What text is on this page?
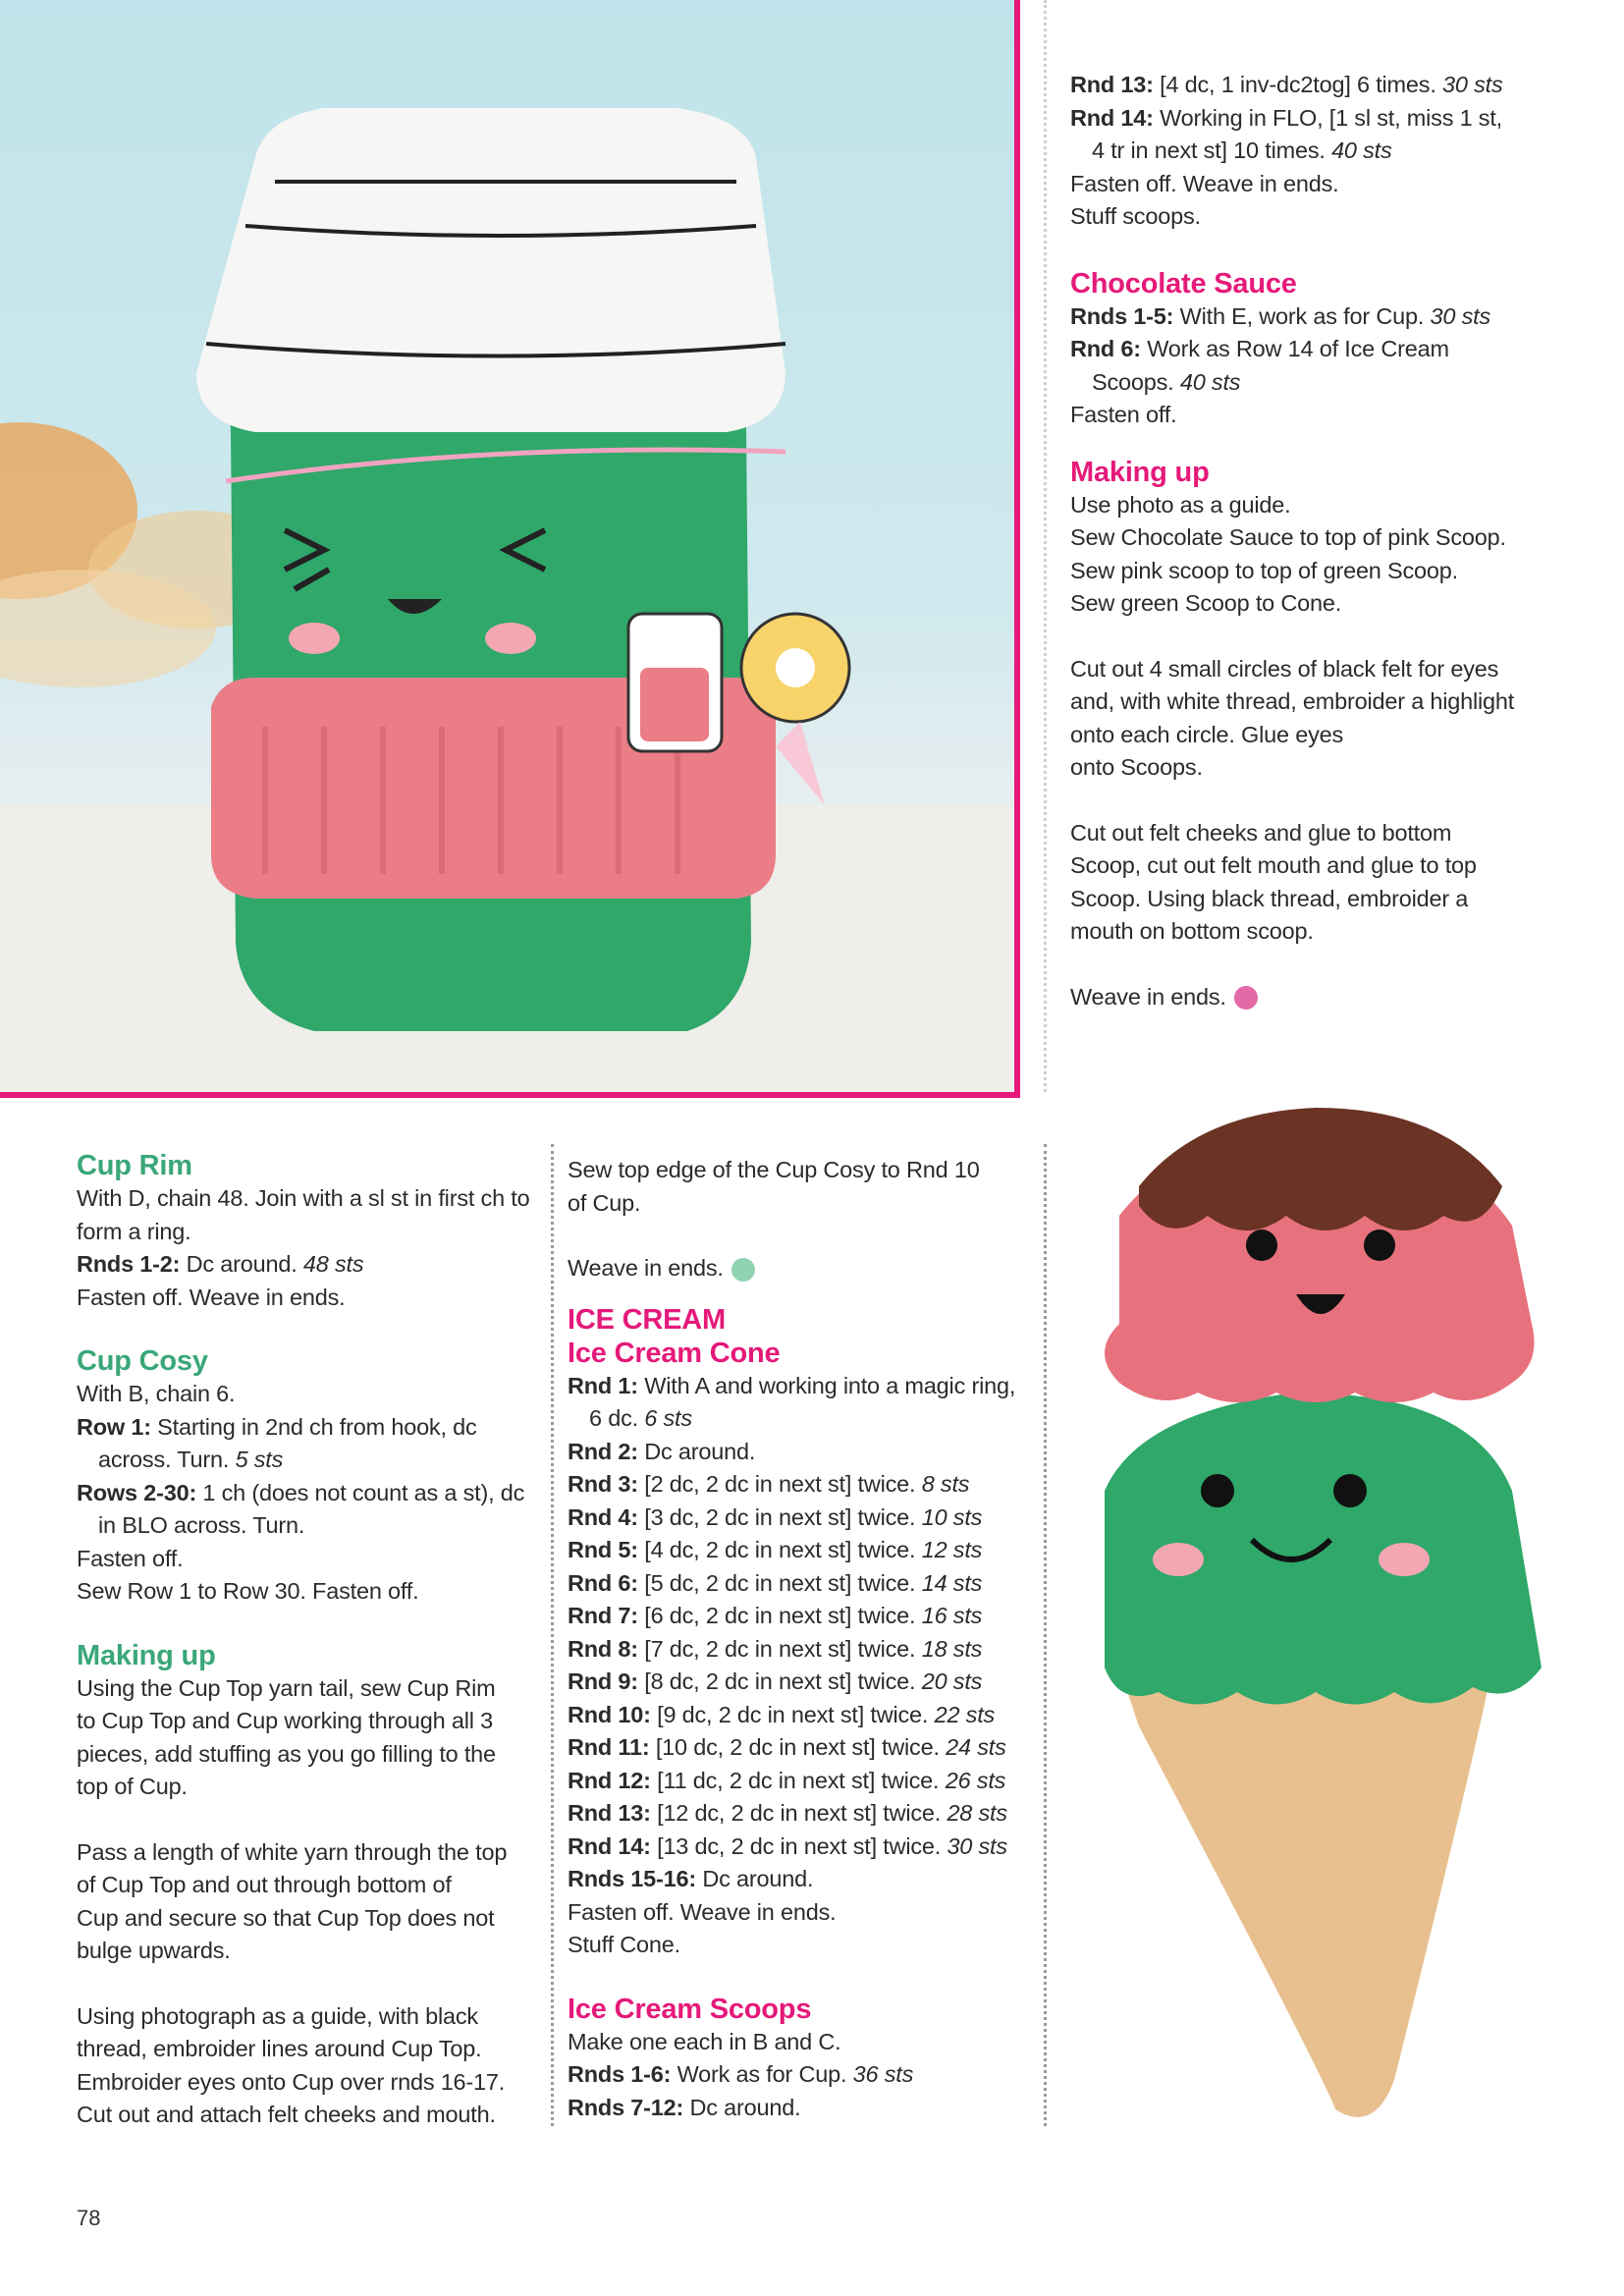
Rnd 13: [4 dc, 1 inv-dc2tog] 6 times. 30 sts

Rnd 14: Working in FLO, [1 sl st, miss 1 st,

4 tr in next st] 10 times. 40 sts

Fasten off. Weave in ends.

Stuff scoops.

Chocolate Sauce

Rnds 1-5: With E, work as for Cup. 30 sts

Rnd 6: Work as Row 14 of Ice Cream

Scoops. 40 sts

Fasten off.

Making up

Use photo as a guide.

Sew Chocolate Sauce to top of pink Scoop.

Sew pink scoop to top of green Scoop.

Sew green Scoop to Cone.

Cut out 4 small circles of black felt for eyes

and, with white thread, embroider a highlight

onto each circle. Glue eyes

onto Scoops.

Cut out felt cheeks and glue to bottom

Scoop, cut out felt mouth and glue to top

Scoop. Using black thread, embroider a

mouth on bottom scoop.

Weave in ends.

Cup Rim

With D, chain 48. Join with a sl st in first ch to

form a ring.

Rnds 1-2: Dc around. 48 sts

Fasten off. Weave in ends.

Cup Cosy

With B, chain 6.

Row 1: Starting in 2nd ch from hook, dc

across. Turn. 5 sts

Rows 2-30: 1 ch (does not count as a st), dc

in BLO across. Turn.

Fasten off.

Sew Row 1 to Row 30. Fasten off.

Making up

Using the Cup Top yarn tail, sew Cup Rim

to Cup Top and Cup working through all 3

pieces, add stuffing as you go filling to the

top of Cup.

Pass a length of white yarn through the top

of Cup Top and out through bottom of

Cup and secure so that Cup Top does not

bulge upwards.

Using photograph as a guide, with black

thread, embroider lines around Cup Top.

Embroider eyes onto Cup over rnds 16-17.

Cut out and attach felt cheeks and mouth.

Sew top edge of the Cup Cosy to Rnd 10

of Cup.

Weave in ends.

ICE CREAM

Ice Cream Cone

Rnd 1: With A and working into a magic ring,

6 dc. 6 sts

Rnd 2: Dc around.

Rnd 3: [2 dc, 2 dc in next st] twice. 8 sts

Rnd 4: [3 dc, 2 dc in next st] twice. 10 sts

Rnd 5: [4 dc, 2 dc in next st] twice. 12 sts

Rnd 6: [5 dc, 2 dc in next st] twice. 14 sts

Rnd 7: [6 dc, 2 dc in next st] twice. 16 sts

Rnd 8: [7 dc, 2 dc in next st] twice. 18 sts

Rnd 9: [8 dc, 2 dc in next st] twice. 20 sts

Rnd 10: [9 dc, 2 dc in next st] twice. 22 sts

Rnd 11: [10 dc, 2 dc in next st] twice. 24 sts

Rnd 12: [11 dc, 2 dc in next st] twice. 26 sts

Rnd 13: [12 dc, 2 dc in next st] twice. 28 sts

Rnd 14: [13 dc, 2 dc in next st] twice. 30 sts

Rnds 15-16: Dc around.

Fasten off. Weave in ends.

Stuff Cone.

Ice Cream Scoops

Make one each in B and C.

Rnds 1-6: Work as for Cup. 36 sts

Rnds 7-12: Dc around.

78
